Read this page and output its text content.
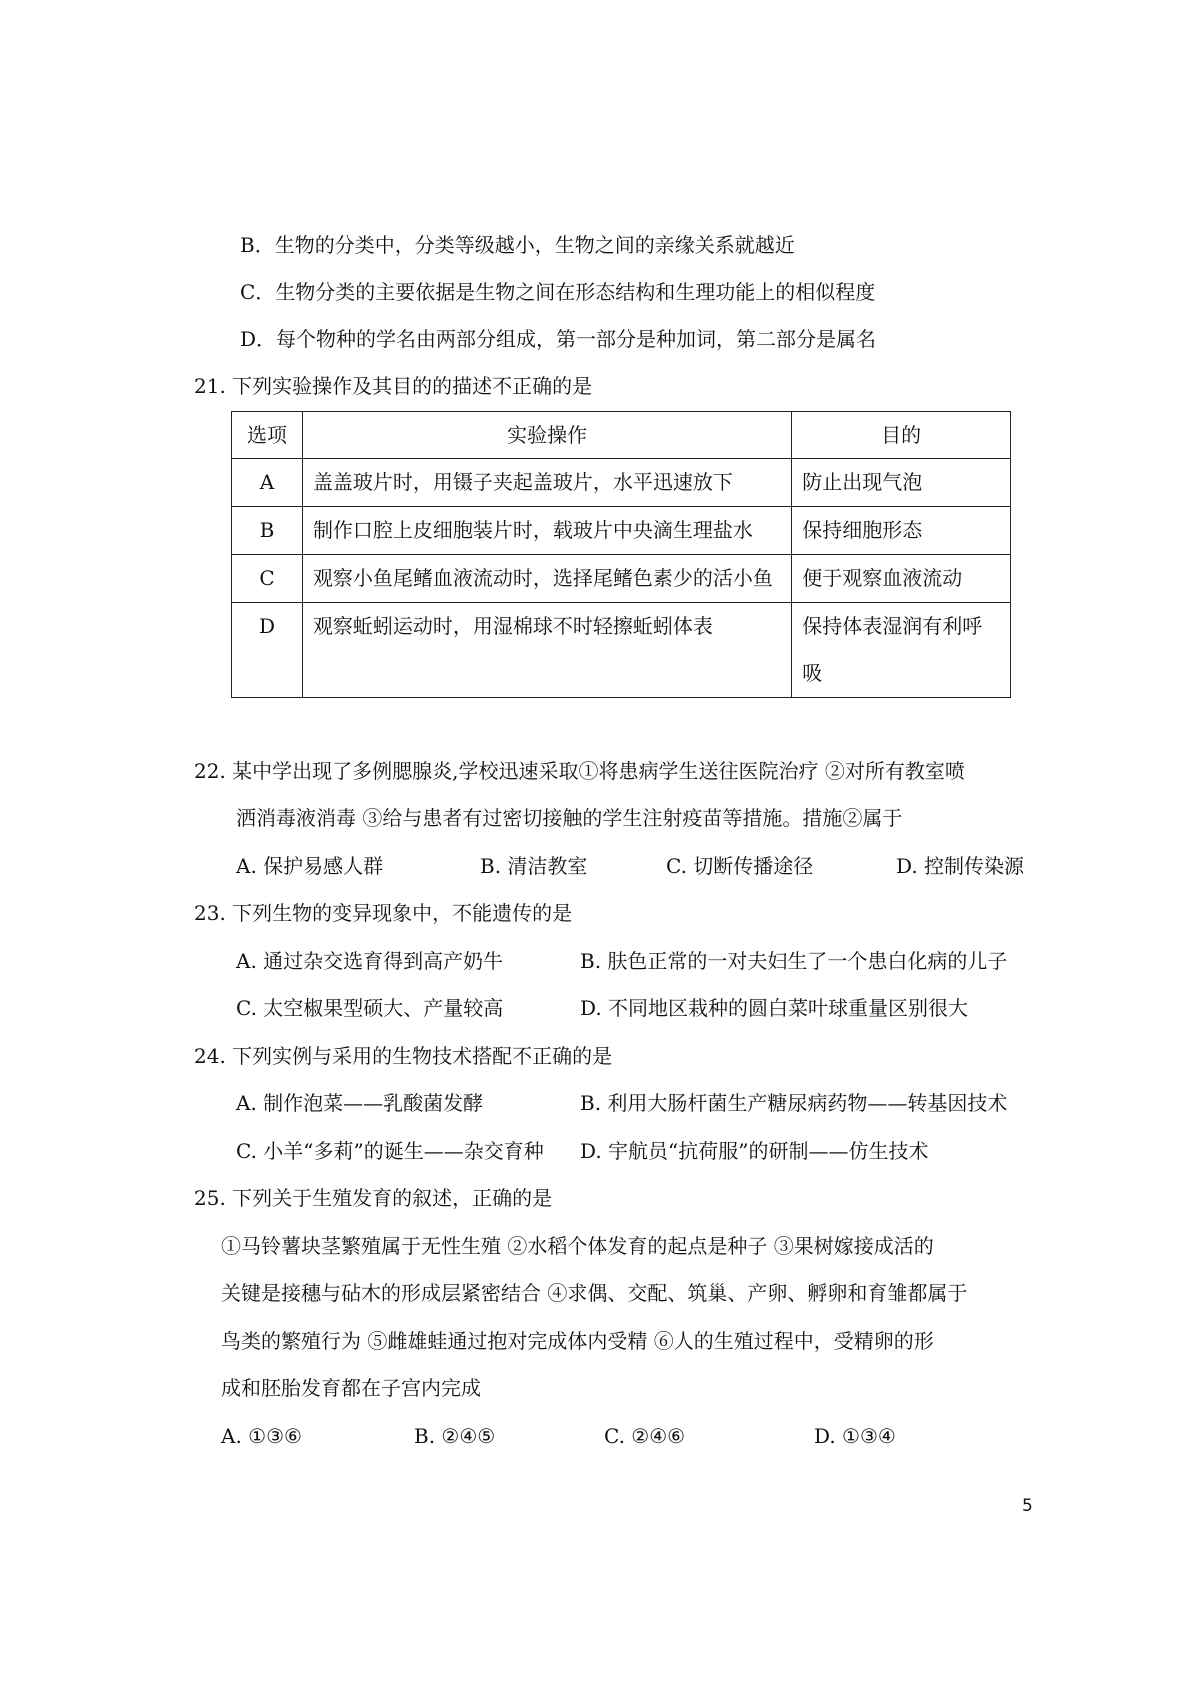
B．生物的分类中，分类等级越小，生物之间的亲缘关系就越近
C．生物分类的主要依据是生物之间在形态结构和生理功能上的相似程度
D．每个物种的学名由两部分组成，第一部分是种加词，第二部分是属名
21. 下列实验操作及其目的的描述不正确的是
选项	实验操作	目的
A	盖盖玻片时，用镊子夹起盖玻片，水平迅速放下	防止出现气泡
B	制作口腔上皮细胞装片时，载玻片中央滴生理盐水	保持细胞形态
C	观察小鱼尾鳍血液流动时，选择尾鳍色素少的活小鱼	便于观察血液流动
D	观察蚯蚓运动时，用湿棉球不时轻擦蚯蚓体表	保持体表湿润有利呼吸
22. 某中学出现了多例腮腺炎,学校迅速采取①将患病学生送往医院治疗 ②对所有教室喷
洒消毒液消毒 ③给与患者有过密切接触的学生注射疫苗等措施。措施②属于
A. 保护易感人群	B. 清洁教室	C. 切断传播途径	D. 控制传染源
23. 下列生物的变异现象中，不能遗传的是
A. 通过杂交选育得到高产奶牛	B. 肤色正常的一对夫妇生了一个患白化病的儿子
C. 太空椒果型硕大、产量较高	D. 不同地区栽种的圆白菜叶球重量区别很大
24. 下列实例与采用的生物技术搭配不正确的是
A. 制作泡菜——乳酸菌发酵	B. 利用大肠杆菌生产糖尿病药物——转基因技术
C. 小羊“多莉”的诞生——杂交育种 D. 宇航员“抗荷服”的研制——仿生技术
25. 下列关于生殖发育的叙述，正确的是
①马铃薯块茎繁殖属于无性生殖 ②水稻个体发育的起点是种子 ③果树嫁接成活的
关键是接穗与砧木的形成层紧密结合 ④求偶、交配、筑巢、产卵、孵卵和育雏都属于
鸟类的繁殖行为 ⑤雌雄蛙通过抱对完成体内受精 ⑥人的生殖过程中，受精卵的形
成和胚胎发育都在子宫内完成
A. ①③⑥	B. ②④⑤	C. ②④⑥	D. ①③④
5
